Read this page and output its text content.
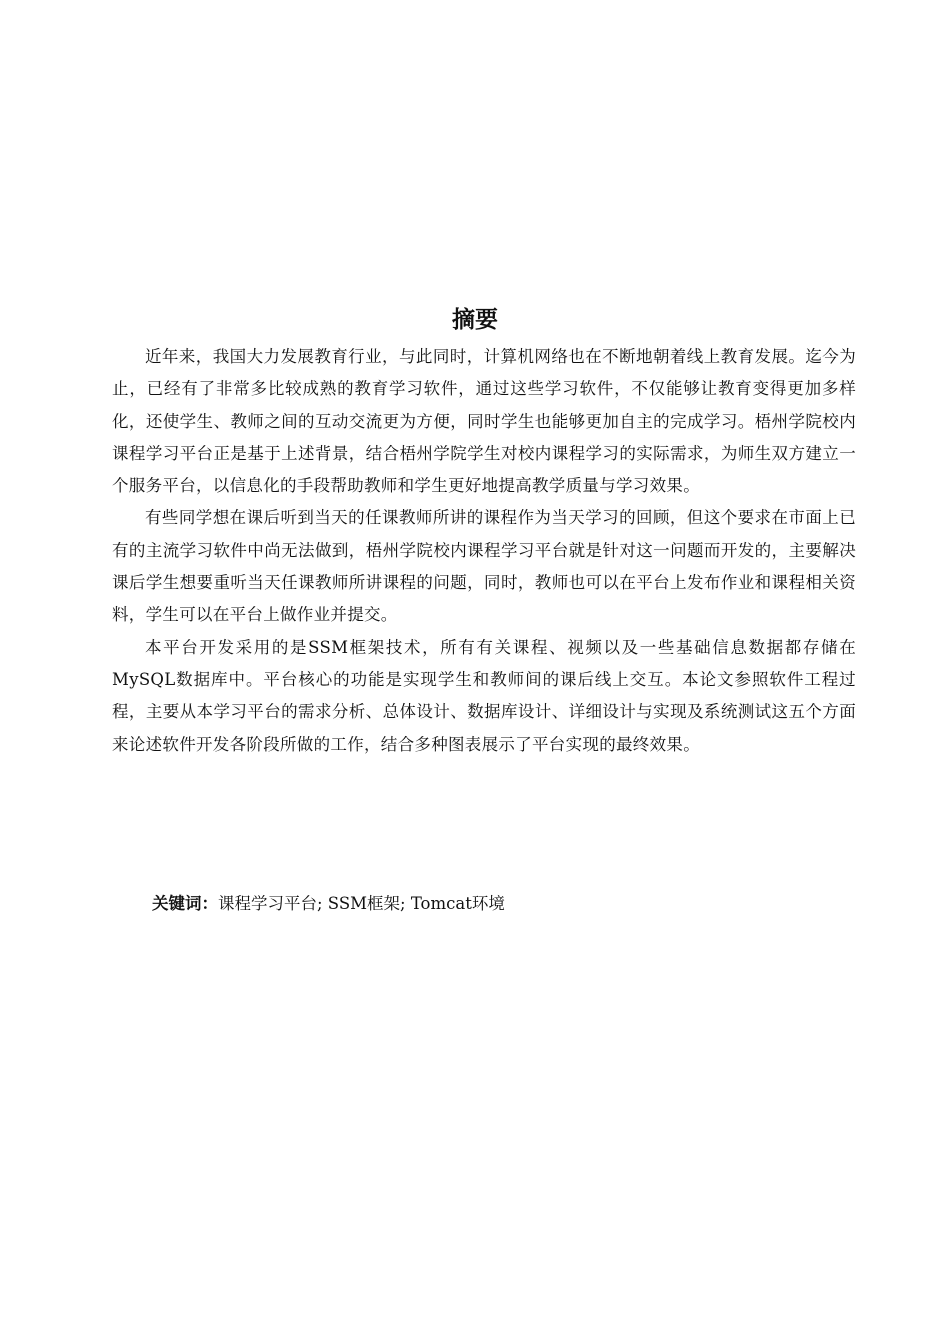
摘要

近年来，我国大力发展教育行业，与此同时，计算机网络也在不断地朝着线上教育发展。迄今为止，已经有了非常多比较成熟的教育学习软件，通过这些学习软件，不仅能够让教育变得更加多样化，还使学生、教师之间的互动交流更为方便，同时学生也能够更加自主的完成学习。梧州学院校内课程学习平台正是基于上述背景，结合梧州学院学生对校内课程学习的实际需求，为师生双方建立一个服务平台，以信息化的手段帮助教师和学生更好地提高教学质量与学习效果。

有些同学想在课后听到当天的任课教师所讲的课程作为当天学习的回顾，但这个要求在市面上已有的主流学习软件中尚无法做到，梧州学院校内课程学习平台就是针对这一问题而开发的，主要解决课后学生想要重听当天任课教师所讲课程的问题，同时，教师也可以在平台上发布作业和课程相关资料，学生可以在平台上做作业并提交。

本平台开发采用的是SSM框架技术，所有有关课程、视频以及一些基础信息数据都存储在MySQL数据库中。平台核心的功能是实现学生和教师间的课后线上交互。本论文参照软件工程过程，主要从本学习平台的需求分析、总体设计、数据库设计、详细设计与实现及系统测试这五个方面来论述软件开发各阶段所做的工作，结合多种图表展示了平台实现的最终效果。

关键词：课程学习平台; SSM框架; Tomcat环境
